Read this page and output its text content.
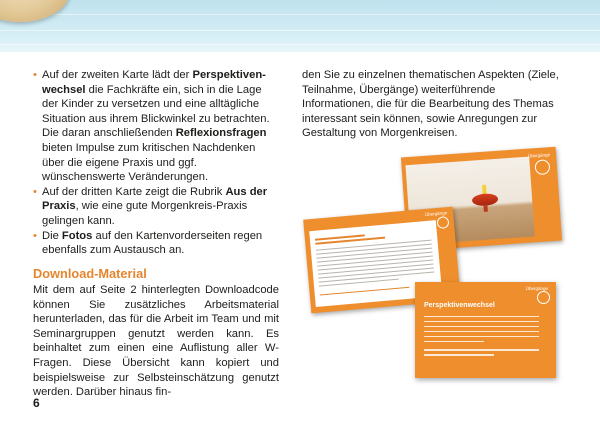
• Auf der zweiten Karte lädt der Perspektivenwechsel die Fachkräfte ein, sich in die Lage der Kinder zu versetzen und eine alltägliche Situation aus ihrem Blickwinkel zu betrachten. Die daran anschließenden Reflexionsfragen bieten Impulse zum kritischen Nachdenken über die eigene Praxis und ggf. wünschenswerte Veränderungen.
• Auf der dritten Karte zeigt die Rubrik Aus der Praxis, wie eine gute Morgenkreis-Praxis gelingen kann.
• Die Fotos auf den Kartenvorderseiten regen ebenfalls zum Austausch an.
Download-Material
Mit dem auf Seite 2 hinterlegten Downloadcode können Sie zusätzliches Arbeitsmaterial herunterladen, das für die Arbeit im Team und mit Seminargruppen genutzt werden kann. Es beinhaltet zum einen eine Auflistung aller W-Fragen. Diese Übersicht kann kopiert und beispielsweise zur Selbsteinschätzung genutzt werden. Darüber hinaus fin-
den Sie zu einzelnen thematischen Aspekten (Ziele, Teilnahme, Übergänge) weiterführende Informationen, die für die Bearbeitung des Themas interessant sein können, sowie Anregungen zur Gestaltung von Morgenkreisen.
Übergänge
Übergänge
Übergänge
Perspektivenwechsel
6
